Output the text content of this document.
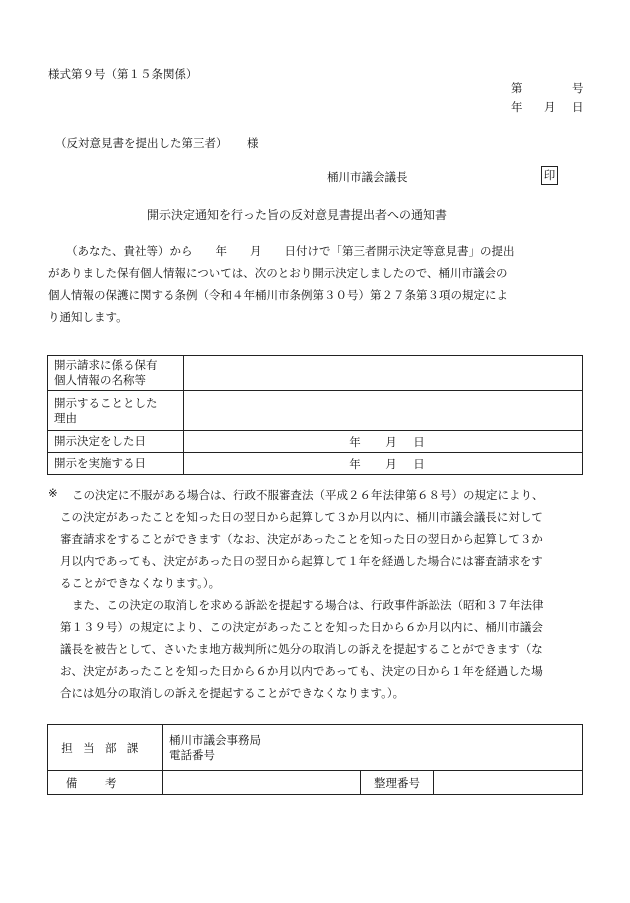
様式第９号（第１５条関係）
第	号
年 月 日
（反対意見書を提出した第三者） 様
桶川市議会議長	印
開示決定通知を行った旨の反対意見書提出者への通知書
（あなた、貴社等）から　　年　　月　　日付けで「第三者開示決定等意見書」の提出
がありました保有個人情報については、次のとおり開示決定しましたので、桶川市議会の
個人情報の保護に関する条例（令和４年桶川市条例第３０号）第２７条第３項の規定によ
り通知します。
開示請求に係る保有
個人情報の名称等	

開示することとした
理由	

開示決定をした日	年 月 日

開示を実施する日	年 月 日
※	この決定に不服がある場合は、行政不服審査法（平成２６年法律第６８号）の規定により、
この決定があったことを知った日の翌日から起算して３か月以内に、桶川市議会議長に対して
審査請求をすることができます（なお、決定があったことを知った日の翌日から起算して３か
月以内であっても、決定があった日の翌日から起算して１年を経過した場合には審査請求をす
ることができなくなります。）。
また、この決定の取消しを求める訴訟を提起する場合は、行政事件訴訟法（昭和３７年法律
第１３９号）の規定により、この決定があったことを知った日から６か月以内に、桶川市議会
議長を被告として、さいたま地方裁判所に処分の取消しの訴えを提起することができます（な
お、決定があったことを知った日から６か月以内であっても、決定の日から１年を経過した場
合には処分の取消しの訴えを提起することができなくなります。）。
担当部課	桶川市議会事務局
電話番号		

備考		整理番号	
